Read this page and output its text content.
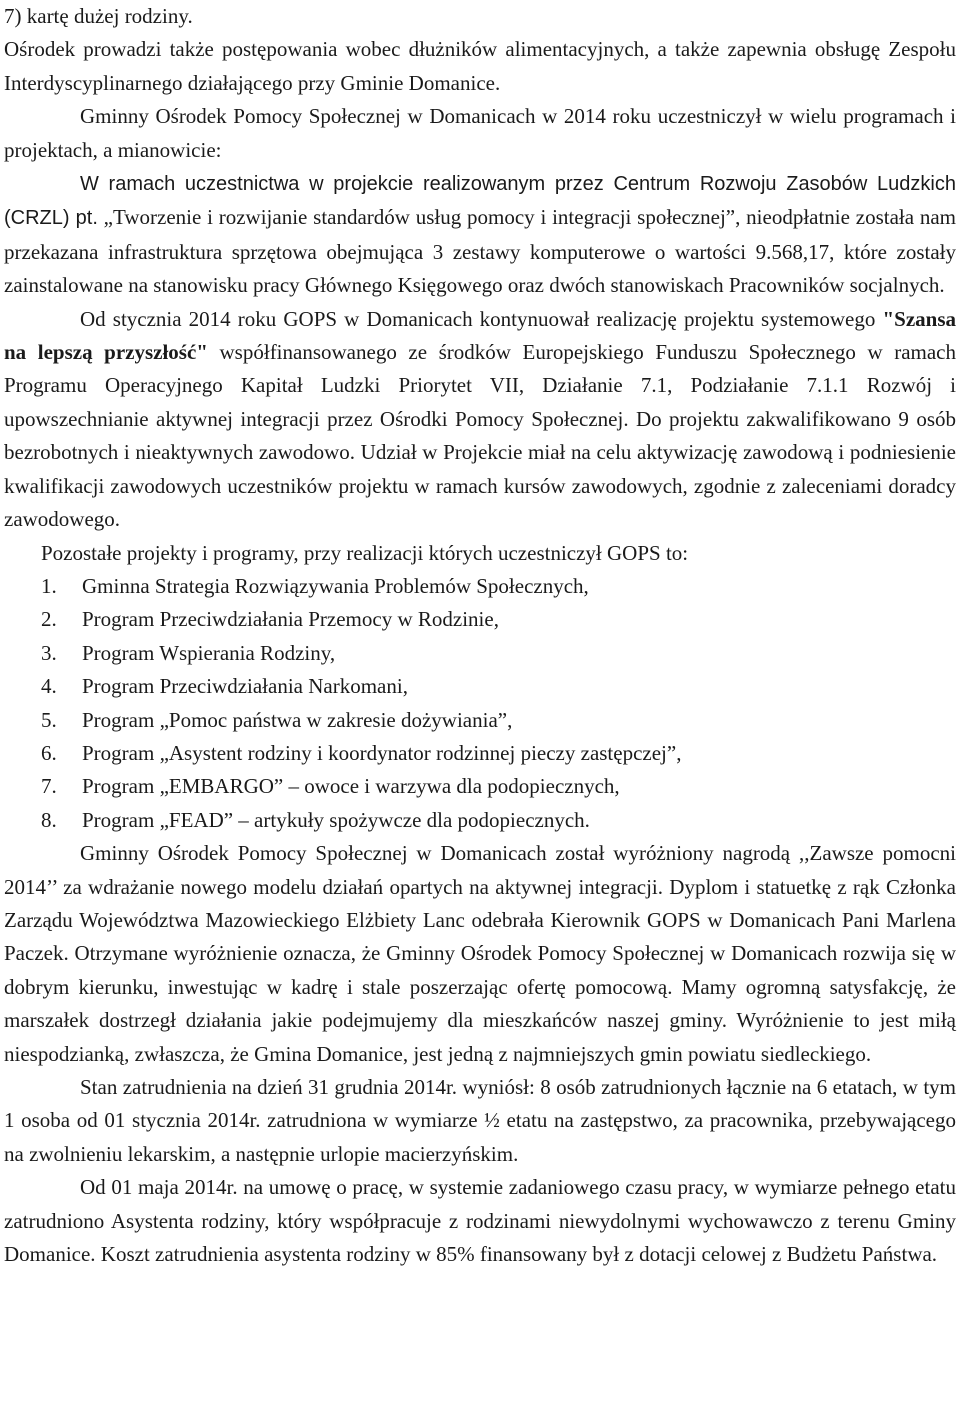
7) kartę dużej rodziny.

Ośrodek prowadzi także postępowania wobec dłużników alimentacyjnych, a także zapewnia obsługę Zespołu Interdyscyplinarnego działającego przy Gminie Domanice.

Gminny Ośrodek Pomocy Społecznej w Domanicach w 2014 roku uczestniczył w wielu programach i projektach, a mianowicie:

W ramach uczestnictwa w projekcie realizowanym przez Centrum Rozwoju Zasobów Ludzkich (CRZL) pt. „Tworzenie i rozwijanie standardów usług pomocy i integracji społecznej”, nieodpłatnie została nam przekazana infrastruktura sprzętowa obejmująca 3 zestawy komputerowe o wartości 9.568,17, które zostały zainstalowane na stanowisku pracy Głównego Księgowego oraz dwóch stanowiskach Pracowników socjalnych.

Od stycznia 2014 roku GOPS w Domanicach kontynuował realizację projektu systemowego "Szansa na lepszą przyszłość" współfinansowanego ze środków Europejskiego Funduszu Społecznego w ramach Programu Operacyjnego Kapitał Ludzki Priorytet VII, Działanie 7.1, Podziałanie 7.1.1 Rozwój i upowszechnianie aktywnej integracji przez Ośrodki Pomocy Społecznej. Do projektu zakwalifikowano 9 osób bezrobotnych i nieaktywnych zawodowo. Udział w Projekcie miał na celu aktywizację zawodową i podniesienie kwalifikacji zawodowych uczestników projektu w ramach kursów zawodowych, zgodnie z zaleceniami doradcy zawodowego.

Pozostałe projekty i programy, przy realizacji których uczestniczył GOPS to:

1.	Gminna Strategia Rozwiązywania Problemów Społecznych,
2.	Program Przeciwdziałania Przemocy w Rodzinie,
3.	Program Wspierania Rodziny,
4.	Program Przeciwdziałania Narkomani,
5.	Program „Pomoc państwa w zakresie dożywiania”,
6.	Program „Asystent rodziny i koordynator rodzinnej pieczy zastępczej”,
7.	Program „EMBARGO” – owoce i warzywa dla podopiecznych,
8.	Program „FEAD” – artykuły spożywcze dla podopiecznych.

Gminny Ośrodek Pomocy Społecznej w Domanicach został wyróżniony nagrodą ,,Zawsze pomocni 2014’’ za wdrażanie nowego modelu działań opartych na aktywnej integracji. Dyplom i statuetkę z rąk Członka Zarządu Województwa Mazowieckiego Elżbiety Lanc odebrała Kierownik GOPS w Domanicach Pani Marlena Paczek. Otrzymane wyróżnienie oznacza, że Gminny Ośrodek Pomocy Społecznej w Domanicach rozwija się w dobrym kierunku, inwestując w kadrę i stale poszerzając ofertę pomocową. Mamy ogromną satysfakcję, że marszałek dostrzegł działania jakie podejmujemy dla mieszkańców naszej gminy. Wyróżnienie to jest miłą niespodzianką, zwłaszcza, że Gmina Domanice, jest jedną z najmniejszych gmin powiatu siedleckiego.

Stan zatrudnienia na dzień 31 grudnia 2014r. wyniósł: 8 osób zatrudnionych łącznie na 6 etatach, w tym 1 osoba od 01 stycznia 2014r. zatrudniona w wymiarze ½ etatu na zastępstwo, za pracownika, przebywającego na zwolnieniu lekarskim, a następnie urlopie macierzyńskim.

Od 01 maja 2014r. na umowę o pracę, w systemie zadaniowego czasu pracy, w wymiarze pełnego etatu zatrudniono Asystenta rodziny, który współpracuje z rodzinami niewydolnymi wychowawczo z terenu Gminy Domanice. Koszt zatrudnienia asystenta rodziny w 85% finansowany był z dotacji celowej z Budżetu Państwa.
